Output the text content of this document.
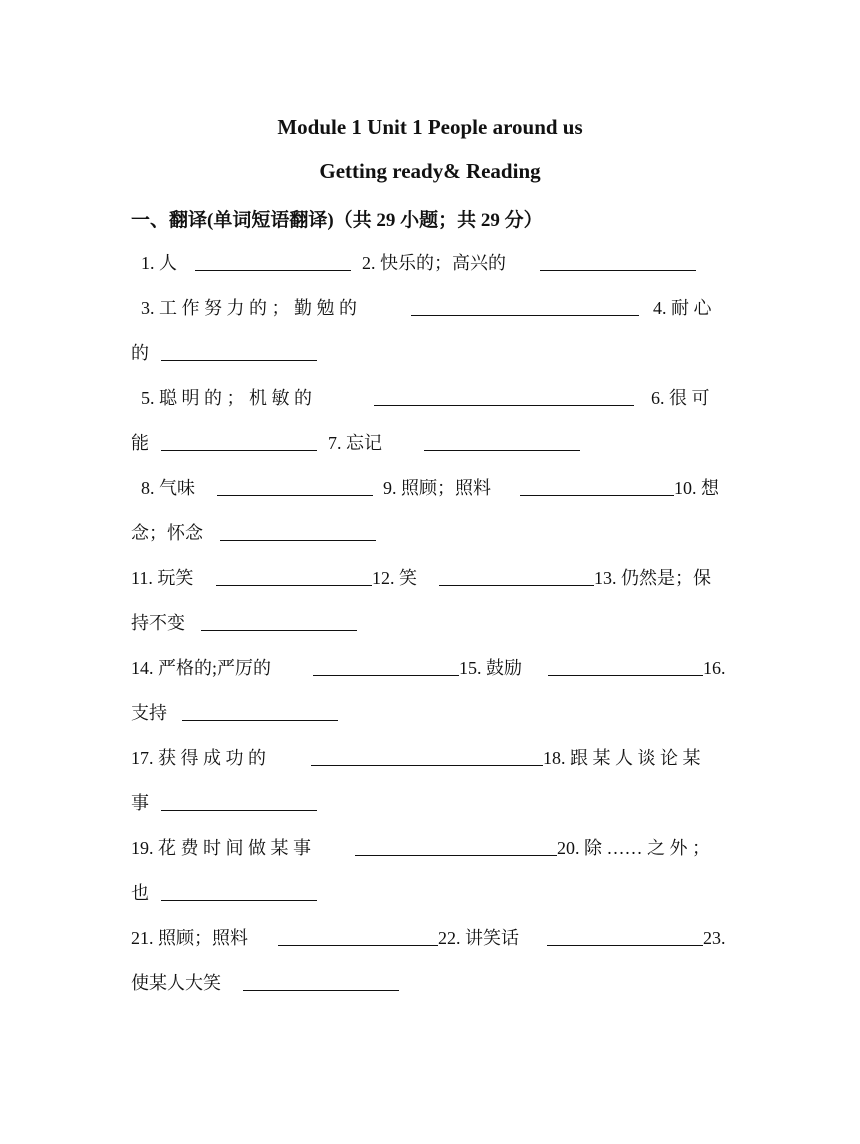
Module 1 Unit 1 People around us
Getting ready& Reading
一、翻译(单词短语翻译)（共 29 小题；共 29 分）
1. 人	2. 快乐的；高兴的
3. 工 作 努 力 的 ； 勤 勉 的	4. 耐 心
的
5. 聪 明 的 ； 机 敏 的	6. 很 可
能	7. 忘记
8. 气味	9. 照顾；照料	10. 想
念；怀念
11. 玩笑	12. 笑	13. 仍然是；保
持不变
14. 严格的;严厉的	15. 鼓励	16.
支持
17. 获 得 成 功 的	18. 跟 某 人 谈 论 某
事
19. 花 费 时 间 做 某 事	20. 除 …… 之 外 ；
也
21. 照顾；照料	22. 讲笑话	23.
使某人大笑
